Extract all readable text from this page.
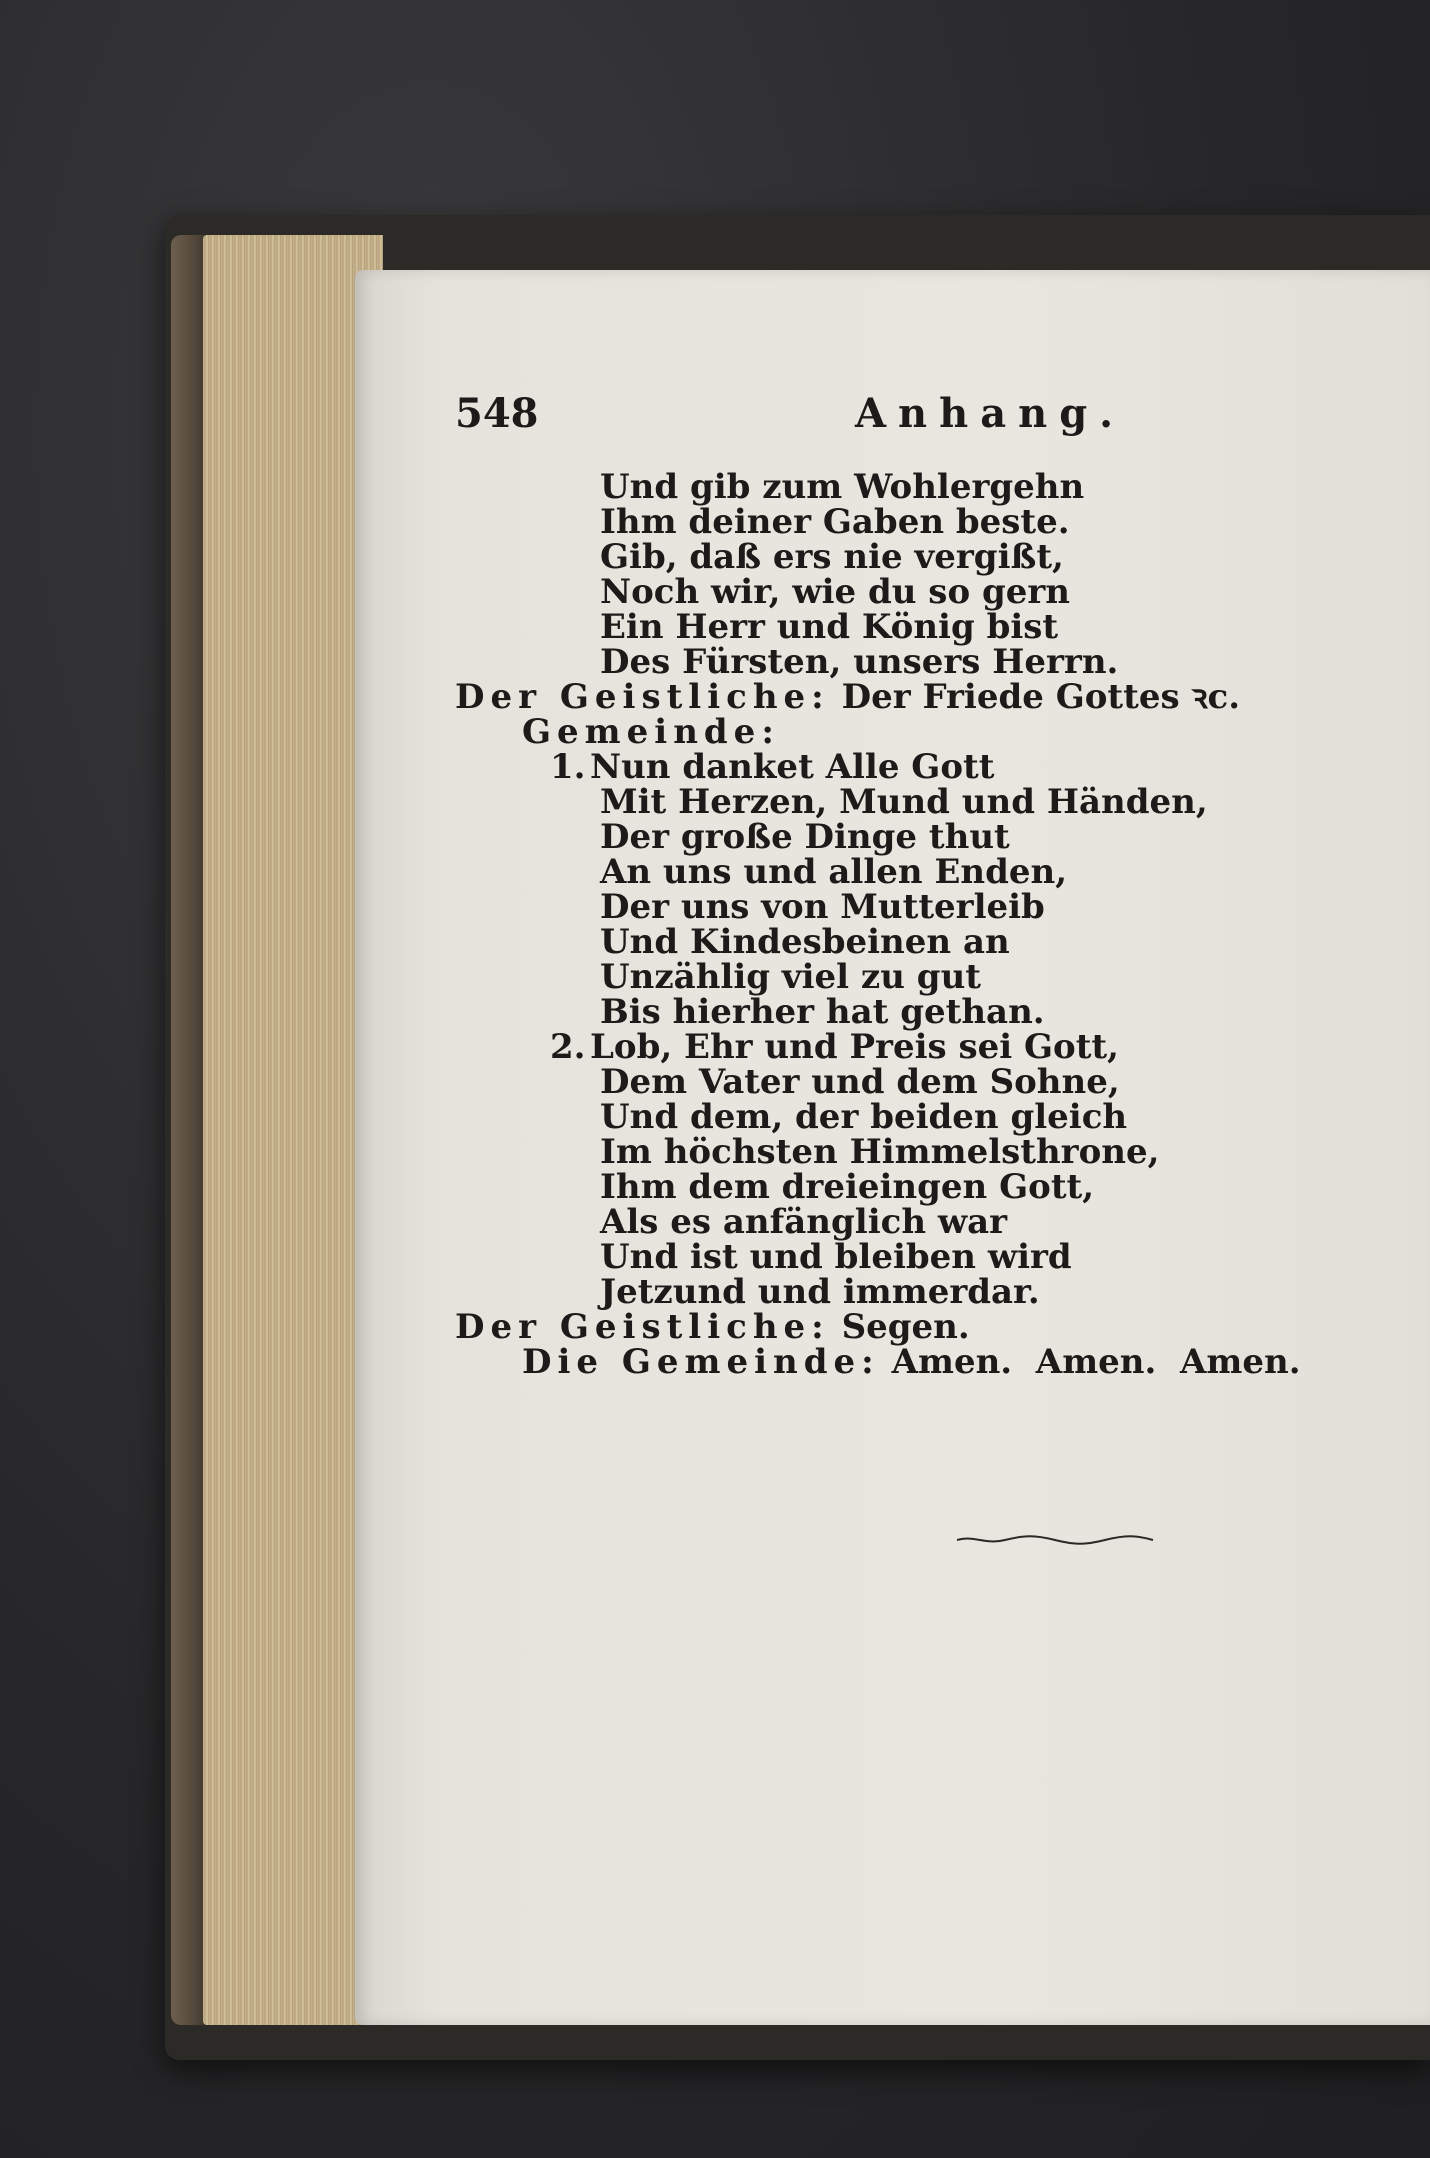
548	Anhang.
Und gib zum Wohlergehn
Ihm deiner Gaben beste.
Gib, daß ers nie vergißt,
Noch wir, wie du so gern
Ein Herr und König bist
Des Fürsten, unsers Herrn.
Der Geistliche: Der Friede Gottes ꝛc.
Gemeinde:
1. Nun danket Alle Gott
Mit Herzen, Mund und Händen,
Der große Dinge thut
An uns und allen Enden,
Der uns von Mutterleib
Und Kindesbeinen an
Unzählig viel zu gut
Bis hierher hat gethan.
2. Lob, Ehr und Preis sei Gott,
Dem Vater und dem Sohne,
Und dem, der beiden gleich
Im höchsten Himmelsthrone,
Ihm dem dreieingen Gott,
Als es anfänglich war
Und ist und bleiben wird
Jetzund und immerdar.
Der Geistliche: Segen.
Die Gemeinde: Amen.  Amen.  Amen.
